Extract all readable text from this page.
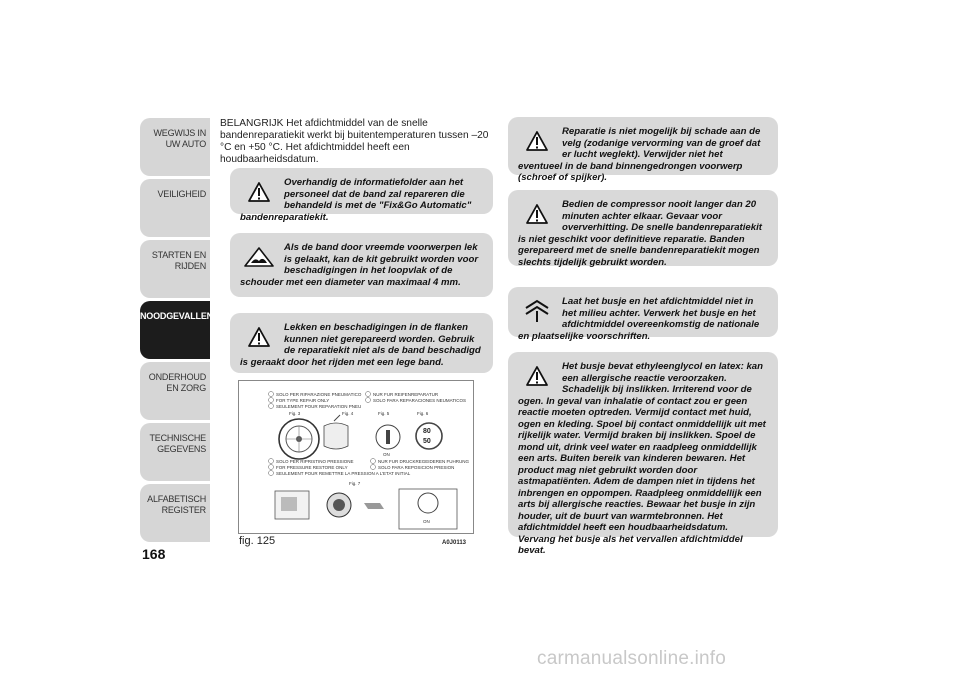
WEGWIJS IN UW AUTO
VEILIGHEID
STARTEN EN RIJDEN
NOODGEVALLEN
ONDERHOUD EN ZORG
TECHNISCHE GEGEVENS
ALFABETISCH REGISTER
168
BELANGRIJK Het afdichtmiddel van de snelle bandenreparatiekit werkt bij buitentemperaturen tussen –20 °C en +50 °C. Het afdichtmiddel heeft een houdbaarheidsdatum.
Overhandig de informatiefolder aan het personeel dat de band zal repareren die behandeld is met de "Fix&Go Automatic" bandenreparatiekit.
Als de band door vreemde voorwerpen lek is gelaakt, kan de kit gebruikt worden voor beschadigingen in het loopvlak of de schouder met een diameter van maximaal 4 mm.
Lekken en beschadigingen in de flanken kunnen niet gerepareerd worden. Gebruik de reparatiekit niet als de band beschadigd is geraakt door het rijden met een lege band.
SOLO PER RIPARAZIONE PNEUMATICO
FOR TYPE REPAIR ONLY
SEULEMENT POUR REPARATION PNEU
NUR FUR REIFENREPARATUR
SOLO PARA REPARACIONES NEUMATICOS
Fig. 3	Fig. 4	Fig. 5	Fig. 6
ON
80
50
SOLO PER RIPRISTINO PRESSIONE
FOR PRESSURE RESTORE ONLY
SEULEMENT POUR REMETTRE LA PRESSION A L'ETAT INITIAL
NUR FUR DRUCKREGEIDEREN FUHRUNG
SOLO PARA REPOSICION PRESION
Fig. 7
ON
fig. 125	A0J0113
Reparatie is niet mogelijk bij schade aan de velg (zodanige vervorming van de groef dat er lucht weglekt). Verwijder niet het eventueel in de band binnengedrongen voorwerp (schroef of spijker).
Bedien de compressor nooit langer dan 20 minuten achter elkaar. Gevaar voor oververhitting. De snelle bandenreparatiekit is niet geschikt voor definitieve reparatie. Banden gerepareerd met de snelle bandenreparatiekit mogen slechts tijdelijk gebruikt worden.
Laat het busje en het afdichtmiddel niet in het milieu achter. Verwerk het busje en het afdichtmiddel overeenkomstig de nationale en plaatselijke voorschriften.
Het busje bevat ethyleenglycol en latex: kan een allergische reactie veroorzaken. Schadelijk bij inslikken. Irriterend voor de ogen. In geval van inhalatie of contact zou er geen reactie moeten optreden. Vermijd contact met huid, ogen en kleding. Spoel bij contact onmiddellijk uit met rijkelijk water. Vermijd braken bij inslikken. Spoel de mond uit, drink veel water en raadpleeg onmiddellijk een arts. Buiten bereik van kinderen bewaren. Het product mag niet gebruikt worden door astmapatiënten. Adem de dampen niet in tijdens het inbrengen en oppompen. Raadpleeg onmiddellijk een arts bij allergische reacties. Bewaar het busje in zijn houder, uit de buurt van warmtebronnen. Het afdichtmiddel heeft een houdbaarheidsdatum. Vervang het busje als het vervallen afdichtmiddel bevat.
carmanualsonline.info
